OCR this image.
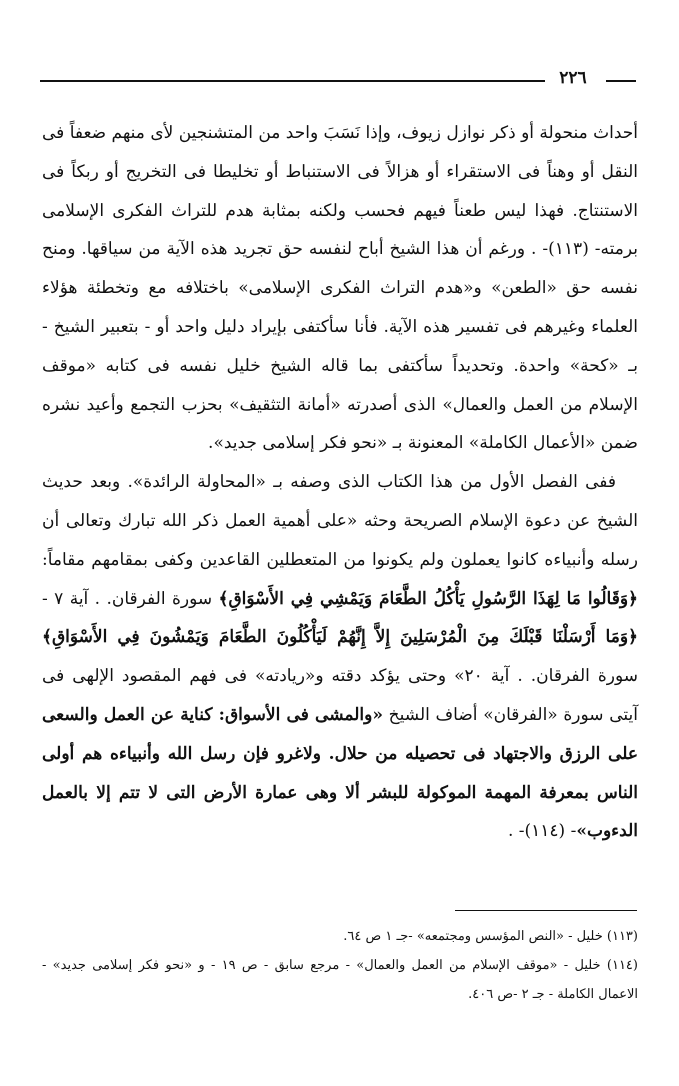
٢٢٦

أحداث منحولة أو ذكر نوازل زيوف، وإذا نَسَبَ واحد من المتشنجين لأى منهم ضعفاً فى النقل أو وهناً فى الاستقراء أو هزالاً فى الاستنباط أو تخليطا فى التخريج أو ربكاً فى الاستنتاج. فهذا ليس طعناً فيهم فحسب ولكنه بمثابة هدم للتراث الفكرى الإسلامى برمته- (١١٣)- . ورغم أن هذا الشيخ أباح لنفسه حق تجريد هذه الآية من سياقها. ومنح نفسه حق «الطعن» و«هدم التراث الفكرى الإسلامى» باختلافه مع وتخطئة هؤلاء العلماء وغيرهم فى تفسير هذه الآية. فأنا سأكتفى بإيراد دليل واحد أو - بتعبير الشيخ - بـ «كحة» واحدة. وتحديداً سأكتفى بما قاله الشيخ خليل نفسه فى كتابه «موقف الإسلام من العمل والعمال» الذى أصدرته «أمانة التثقيف» بحزب التجمع وأعيد نشره ضمن «الأعمال الكاملة» المعنونة بـ «نحو فكر إسلامى جديد».

ففى الفصل الأول من هذا الكتاب الذى وصفه بـ «المحاولة الرائدة». وبعد حديث الشيخ عن دعوة الإسلام الصريحة وحثه «على أهمية العمل ذكر الله تبارك وتعالى أن رسله وأنبياءه كانوا يعملون ولم يكونوا من المتعطلين القاعدين وكفى بمقامهم مقاماً: ﴿وَقَالُوا مَا لِهَذَا الرَّسُولِ يَأْكُلُ الطَّعَامَ وَيَمْشِي فِي الأَسْوَاقِ﴾ سورة الفرقان. . آية ٧ - ﴿وَمَا أَرْسَلْنَا قَبْلَكَ مِنَ الْمُرْسَلِينَ إِلاَّ إِنَّهُمْ لَيَأْكُلُونَ الطَّعَامَ وَيَمْشُونَ فِي الأَسْوَاقِ﴾ سورة الفرقان. . آية ٢٠» وحتى يؤكد دقته و«ريادته» فى فهم المقصود الإلهى فى آيتى سورة «الفرقان» أضاف الشيخ «والمشى فى الأسواق: كناية عن العمل والسعى على الرزق والاجتهاد فى تحصيله من حلال. ولاغرو فإن رسل الله وأنبياءه هم أولى الناس بمعرفة المهمة الموكولة للبشر ألا وهى عمارة الأرض التى لا تتم إلا بالعمل الدءوب»- (١١٤)- .

(١١٣) خليل - «النص المؤسس ومجتمعه» -جـ ١ ص ٦٤.

(١١٤) خليل - «موقف الإسلام من العمل والعمال» - مرجع سابق - ص ١٩ - و «نحو فكر إسلامى جديد» - الاعمال الكاملة - جـ ٢ -ص ٤٠٦.
